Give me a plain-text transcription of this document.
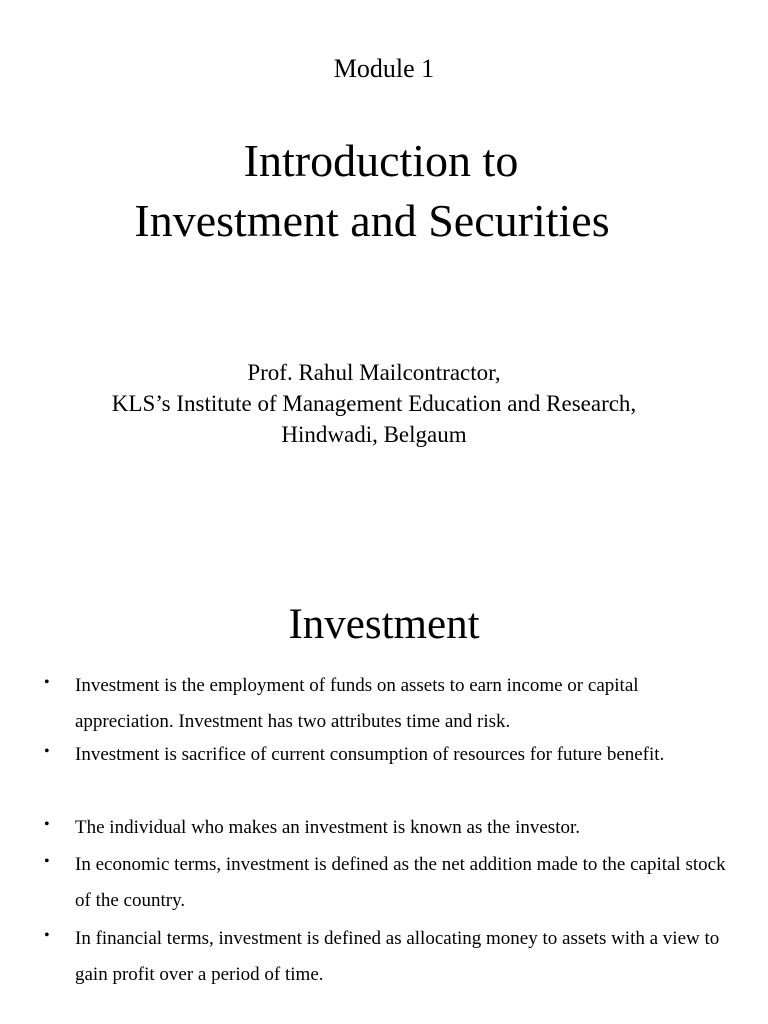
Module 1
Introduction to
Investment and Securities
Prof. Rahul Mailcontractor,
KLS’s Institute of Management Education and Research,
Hindwadi, Belgaum
Investment
• Investment is the employment of funds on assets to earn income or capital appreciation. Investment has two attributes time and risk.
• Investment is sacrifice of current consumption of resources for future benefit.
• The individual who makes an investment is known as the investor.
• In economic terms, investment is defined as the net addition made to the capital stock of the country.
• In financial terms, investment is defined as allocating money to assets with a view to gain profit over a period of time.
